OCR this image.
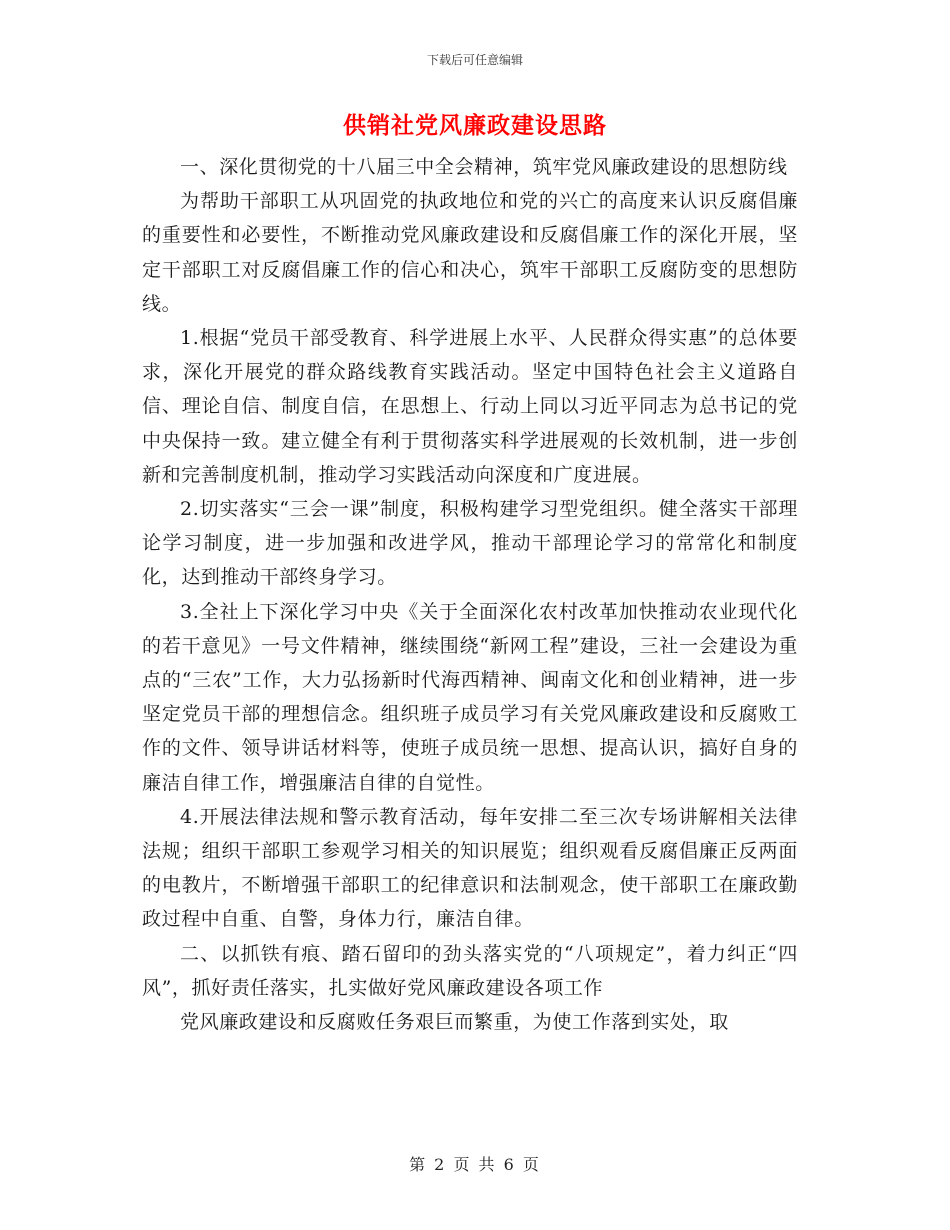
下载后可任意编辑
供销社党风廉政建设思路

一、深化贯彻党的十八届三中全会精神，筑牢党风廉政建设的思想防线

为帮助干部职工从巩固党的执政地位和党的兴亡的高度来认识反腐倡廉的重要性和必要性，不断推动党风廉政建设和反腐倡廉工作的深化开展，坚定干部职工对反腐倡廉工作的信心和决心，筑牢干部职工反腐防变的思想防线。

1.根据“党员干部受教育、科学进展上水平、人民群众得实惠”的总体要求，深化开展党的群众路线教育实践活动。坚定中国特色社会主义道路自信、理论自信、制度自信，在思想上、行动上同以习近平同志为总书记的党中央保持一致。建立健全有利于贯彻落实科学进展观的长效机制，进一步创新和完善制度机制，推动学习实践活动向深度和广度进展。

2.切实落实“三会一课”制度，积极构建学习型党组织。健全落实干部理论学习制度，进一步加强和改进学风，推动干部理论学习的常常化和制度化，达到推动干部终身学习。

3.全社上下深化学习中央《关于全面深化农村改革加快推动农业现代化的若干意见》一号文件精神，继续围绕“新网工程”建设，三社一会建设为重点的“三农”工作，大力弘扬新时代海西精神、闽南文化和创业精神，进一步坚定党员干部的理想信念。组织班子成员学习有关党风廉政建设和反腐败工作的文件、领导讲话材料等，使班子成员统一思想、提高认识，搞好自身的廉洁自律工作，增强廉洁自律的自觉性。

4.开展法律法规和警示教育活动，每年安排二至三次专场讲解相关法律法规；组织干部职工参观学习相关的知识展览；组织观看反腐倡廉正反两面的电教片，不断增强干部职工的纪律意识和法制观念，使干部职工在廉政勤政过程中自重、自警，身体力行，廉洁自律。

二、以抓铁有痕、踏石留印的劲头落实党的“八项规定”，着力纠正“四风”，抓好责任落实，扎实做好党风廉政建设各项工作

党风廉政建设和反腐败任务艰巨而繁重，为使工作落到实处，取

第 2 页 共 6 页
